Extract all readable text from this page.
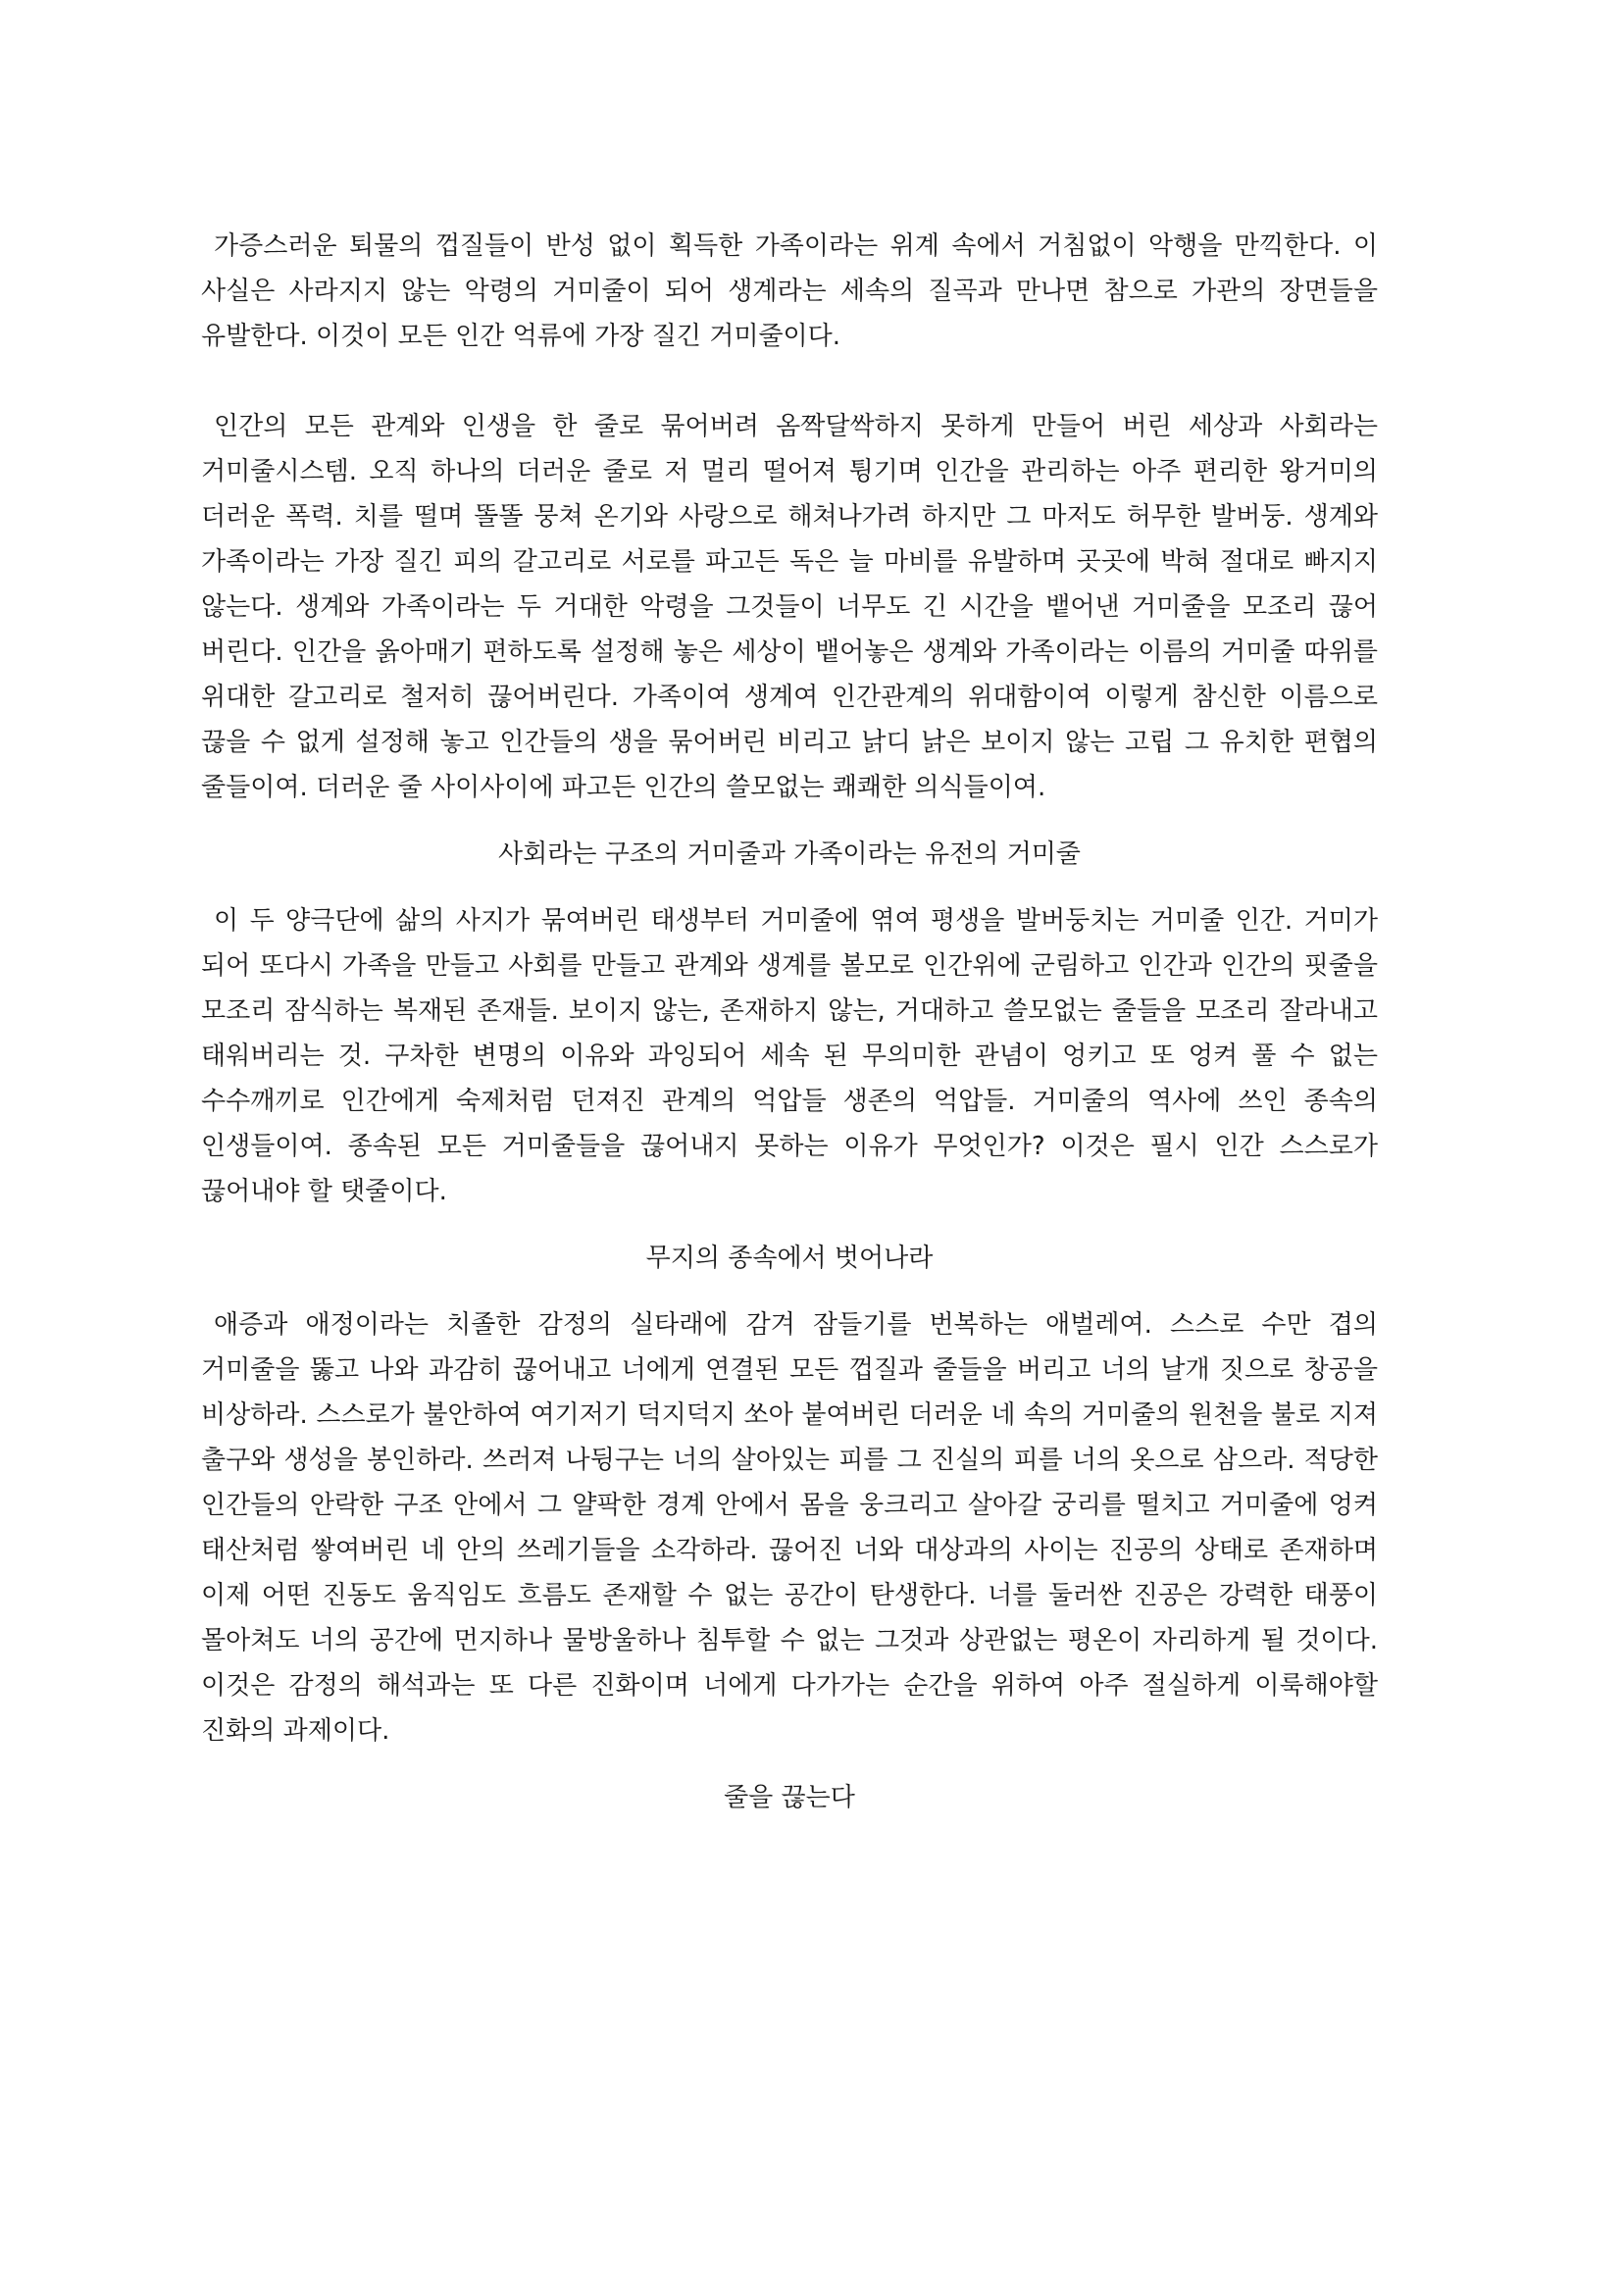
가증스러운 퇴물의 껍질들이 반성 없이 획득한 가족이라는 위계 속에서 거침없이 악행을 만끽한다. 이 사실은 사라지지 않는 악령의 거미줄이 되어 생계라는 세속의 질곡과 만나면 참으로 가관의 장면들을 유발한다. 이것이 모든 인간 억류에 가장 질긴 거미줄이다.

인간의 모든 관계와 인생을 한 줄로 묶어버려 옴짝달싹하지 못하게 만들어 버린 세상과 사회라는 거미줄시스템. 오직 하나의 더러운 줄로 저 멀리 떨어져 튕기며 인간을 관리하는 아주 편리한 왕거미의 더러운 폭력. 치를 떨며 똘똘 뭉쳐 온기와 사랑으로 해쳐나가려 하지만 그 마저도 허무한 발버둥. 생계와 가족이라는 가장 질긴 피의 갈고리로 서로를 파고든 독은 늘 마비를 유발하며 곳곳에 박혀 절대로 빠지지 않는다. 생계와 가족이라는 두 거대한 악령을 그것들이 너무도 긴 시간을 뱉어낸 거미줄을 모조리 끊어 버린다. 인간을 옭아매기 편하도록 설정해 놓은 세상이 뱉어놓은 생계와 가족이라는 이름의 거미줄 따위를 위대한 갈고리로 철저히 끊어버린다. 가족이여 생계여 인간관계의 위대함이여 이렇게 참신한 이름으로 끊을 수 없게 설정해 놓고 인간들의 생을 묶어버린 비리고 낡디 낡은 보이지 않는 고립 그 유치한 편협의 줄들이여. 더러운 줄 사이사이에 파고든 인간의 쓸모없는 쾌쾌한 의식들이여.

사회라는 구조의 거미줄과 가족이라는 유전의 거미줄

이 두 양극단에 삶의 사지가 묶여버린 태생부터 거미줄에 엮여 평생을 발버둥치는 거미줄 인간. 거미가 되어 또다시 가족을 만들고 사회를 만들고 관계와 생계를 볼모로 인간위에 군림하고 인간과 인간의 핏줄을 모조리 잠식하는 복재된 존재들. 보이지 않는, 존재하지 않는, 거대하고 쓸모없는 줄들을 모조리 잘라내고 태워버리는 것. 구차한 변명의 이유와 과잉되어 세속 된 무의미한 관념이 엉키고 또 엉켜 풀 수 없는 수수깨끼로 인간에게 숙제처럼 던져진 관계의 억압들 생존의 억압들. 거미줄의 역사에 쓰인 종속의 인생들이여. 종속된 모든 거미줄들을 끊어내지 못하는 이유가 무엇인가? 이것은 필시 인간 스스로가 끊어내야 할 탯줄이다.

무지의 종속에서 벗어나라

애증과 애정이라는 치졸한 감정의 실타래에 감겨 잠들기를 번복하는 애벌레여. 스스로 수만 겹의 거미줄을 뚫고 나와 과감히 끊어내고 너에게 연결된 모든 껍질과 줄들을 버리고 너의 날개 짓으로 창공을 비상하라. 스스로가 불안하여 여기저기 덕지덕지 쏘아 붙여버린 더러운 네 속의 거미줄의 원천을 불로 지져 출구와 생성을 봉인하라. 쓰러져 나뒹구는 너의 살아있는 피를 그 진실의 피를 너의 옷으로 삼으라. 적당한 인간들의 안락한 구조 안에서 그 얄팍한 경계 안에서 몸을 웅크리고 살아갈 궁리를 떨치고 거미줄에 엉켜 태산처럼 쌓여버린 네 안의 쓰레기들을 소각하라. 끊어진 너와 대상과의 사이는 진공의 상태로 존재하며 이제 어떤 진동도 움직임도 흐름도 존재할 수 없는 공간이 탄생한다. 너를 둘러싼 진공은 강력한 태풍이 몰아쳐도 너의 공간에 먼지하나 물방울하나 침투할 수 없는 그것과 상관없는 평온이 자리하게 될 것이다. 이것은 감정의 해석과는 또 다른 진화이며 너에게 다가가는 순간을 위하여 아주 절실하게 이룩해야할 진화의 과제이다.

줄을 끊는다
